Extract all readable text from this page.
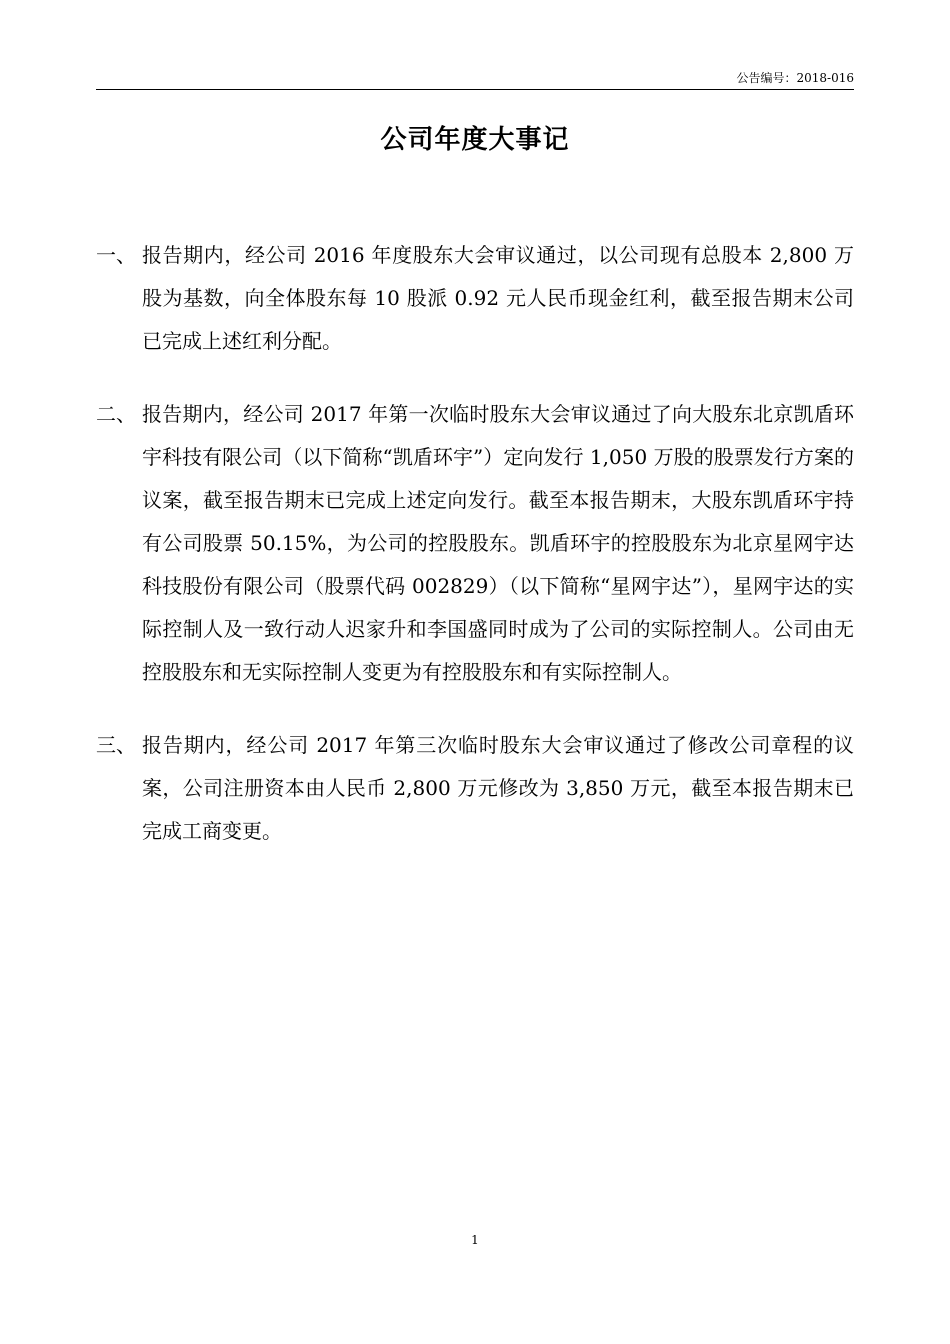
公告编号：2018-016
公司年度大事记
一、 报告期内，经公司 2016 年度股东大会审议通过，以公司现有总股本 2,800 万股为基数，向全体股东每 10 股派 0.92 元人民币现金红利，截至报告期末公司已完成上述红利分配。
二、 报告期内，经公司 2017 年第一次临时股东大会审议通过了向大股东北京凯盾环宇科技有限公司（以下简称“凯盾环宇”）定向发行 1,050 万股的股票发行方案的议案，截至报告期末已完成上述定向发行。截至本报告期末，大股东凯盾环宇持有公司股票 50.15%，为公司的控股股东。凯盾环宇的控股股东为北京星网宇达科技股份有限公司（股票代码 002829）（以下简称“星网宇达”），星网宇达的实际控制人及一致行动人迟家升和李国盛同时成为了公司的实际控制人。公司由无控股股东和无实际控制人变更为有控股股东和有实际控制人。
三、 报告期内，经公司 2017 年第三次临时股东大会审议通过了修改公司章程的议案，公司注册资本由人民币 2,800 万元修改为 3,850 万元，截至本报告期末已完成工商变更。
1
